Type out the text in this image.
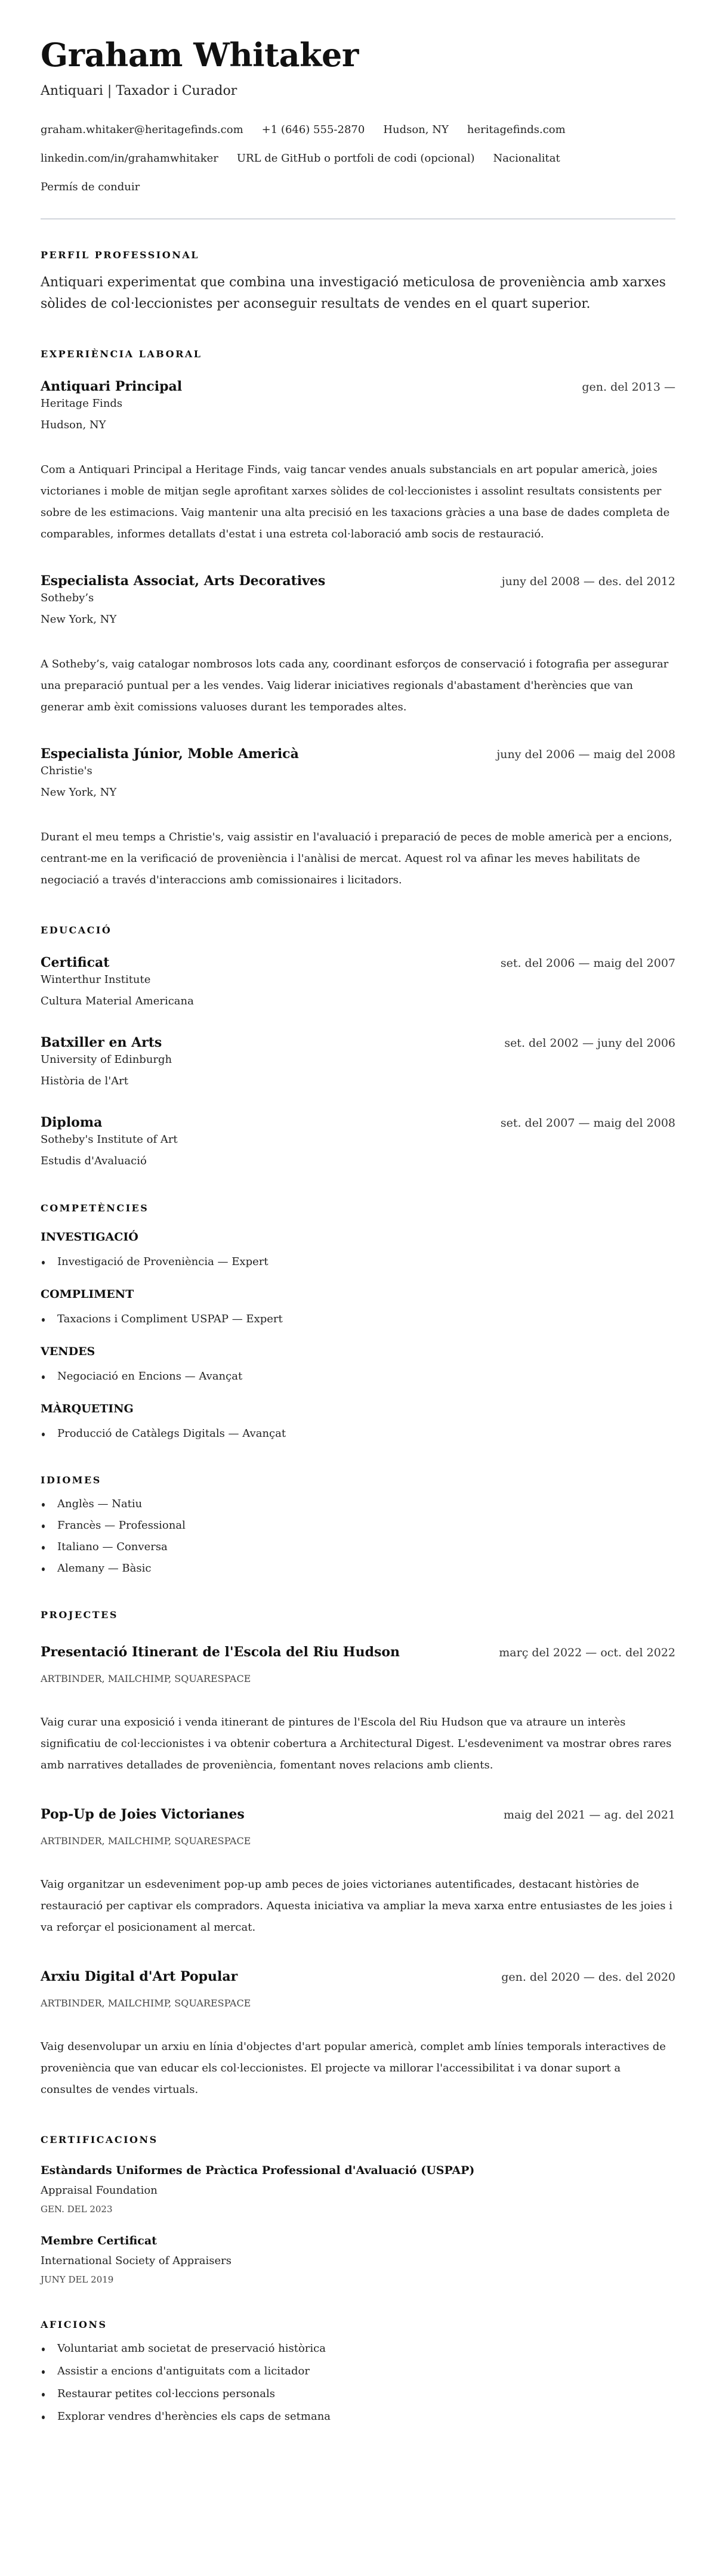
Graham Whitaker
Antiquari | Taxador i Curador
graham.whitaker@heritagefinds.com +1 (646) 555-2870 Hudson, NY heritagefinds.com
linkedin.com/in/grahamwhitaker URL de GitHub o portfoli de codi (opcional) Nacionalitat
Permís de conduir
PERFIL PROFESSIONAL

Antiquari experimentat que combina una investigació meticulosa de proveniència amb xarxes sòlides de col·leccionistes per aconseguir resultats de vendes en el quart superior.

EXPERIÈNCIA LABORAL
Antiquari Principal	gen. del 2013 —
Heritage Finds
Hudson, NY

Com a Antiquari Principal a Heritage Finds, vaig tancar vendes anuals substancials en art popular americà, joies victorianes i moble de mitjan segle aprofitant xarxes sòlides de col·leccionistes i assolint resultats consistents per sobre de les estimacions. Vaig mantenir una alta precisió en les taxacions gràcies a una base de dades completa de comparables, informes detallats d'estat i una estreta col·laboració amb socis de restauració.

Especialista Associat, Arts Decoratives	juny del 2008 — des. del 2012
Sotheby’s
New York, NY

A Sotheby’s, vaig catalogar nombrosos lots cada any, coordinant esforços de conservació i fotografia per assegurar una preparació puntual per a les vendes. Vaig liderar iniciatives regionals d'abastament d'herències que van generar amb èxit comissions valuoses durant les temporades altes.

Especialista Júnior, Moble Americà	juny del 2006 — maig del 2008
Christie's
New York, NY

Durant el meu temps a Christie's, vaig assistir en l'avaluació i preparació de peces de moble americà per a encions, centrant-me en la verificació de proveniència i l'anàlisi de mercat. Aquest rol va afinar les meves habilitats de negociació a través d'interaccions amb comissionaires i licitadors.

EDUCACIÓ
Certificat	set. del 2006 — maig del 2007
Winterthur Institute
Cultura Material Americana
Batxiller en Arts	set. del 2002 — juny del 2006
University of Edinburgh
Història de l'Art
Diploma	set. del 2007 — maig del 2008
Sotheby's Institute of Art
Estudis d'Avaluació
COMPETÈNCIES
INVESTIGACIÓ
Investigació de Proveniència — Expert
COMPLIMENT
Taxacions i Compliment USPAP — Expert
VENDES
Negociació en Encions — Avançat
MÀRQUETING
Producció de Catàlegs Digitals — Avançat
IDIOMES
Anglès — Natiu
Francès — Professional
Italiano — Conversa
Alemany — Bàsic
PROJECTES
Presentació Itinerant de l'Escola del Riu Hudson	març del 2022 — oct. del 2022
ARTBINDER, MAILCHIMP, SQUARESPACE

Vaig curar una exposició i venda itinerant de pintures de l'Escola del Riu Hudson que va atraure un interès significatiu de col·leccionistes i va obtenir cobertura a Architectural Digest. L'esdeveniment va mostrar obres rares amb narratives detallades de proveniència, fomentant noves relacions amb clients.

Pop-Up de Joies Victorianes	maig del 2021 — ag. del 2021
ARTBINDER, MAILCHIMP, SQUARESPACE

Vaig organitzar un esdeveniment pop-up amb peces de joies victorianes autentificades, destacant històries de restauració per captivar els compradors. Aquesta iniciativa va ampliar la meva xarxa entre entusiastes de les joies i va reforçar el posicionament al mercat.

Arxiu Digital d'Art Popular	gen. del 2020 — des. del 2020
ARTBINDER, MAILCHIMP, SQUARESPACE

Vaig desenvolupar un arxiu en línia d'objectes d'art popular americà, complet amb línies temporals interactives de proveniència que van educar els col·leccionistes. El projecte va millorar l'accessibilitat i va donar suport a consultes de vendes virtuals.

CERTIFICACIONS
Estàndards Uniformes de Pràctica Professional d'Avaluació (USPAP)
Appraisal Foundation
GEN. DEL 2023
Membre Certificat
International Society of Appraisers
JUNY DEL 2019
AFICIONS
Voluntariat amb societat de preservació històrica
Assistir a encions d'antiguitats com a licitador
Restaurar petites col·leccions personals
Explorar vendres d'herències els caps de setmana
